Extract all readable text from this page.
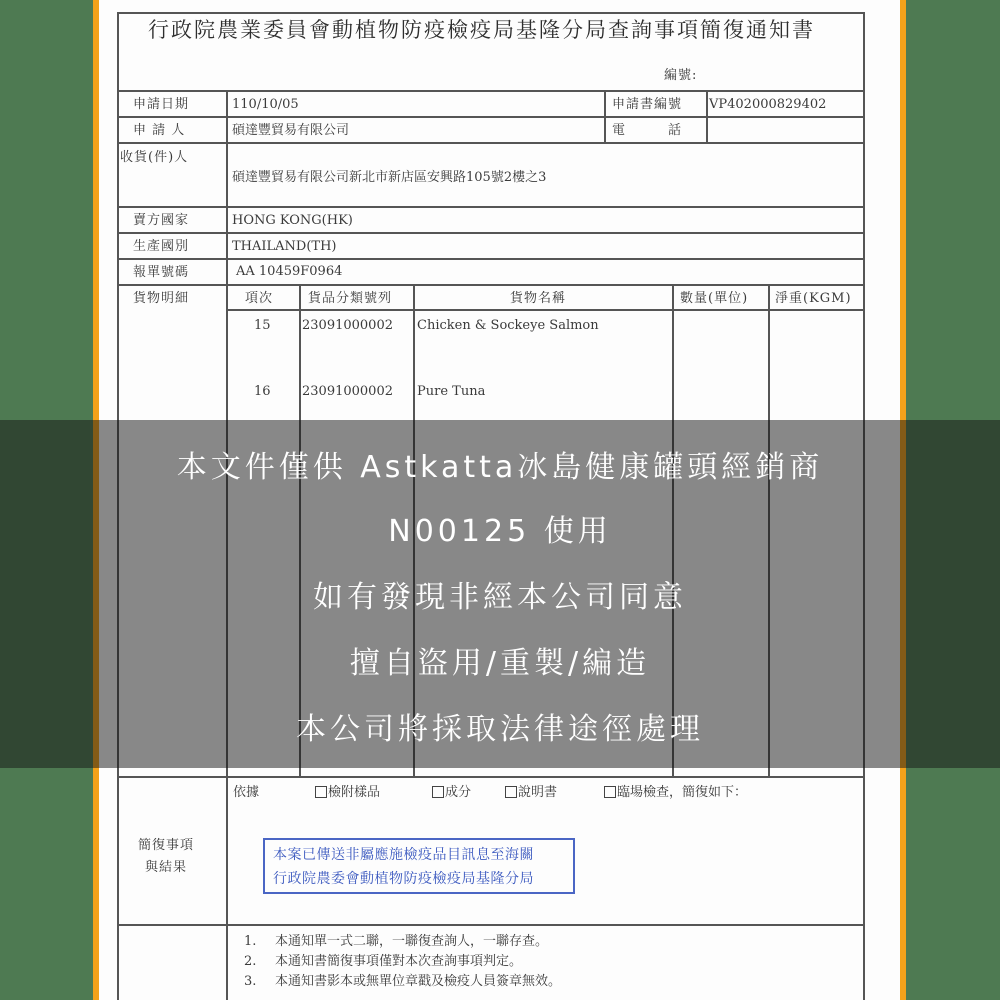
行政院農業委員會動植物防疫檢疫局基隆分局查詢事項簡復通知書
編號:
申請日期	110/10/05	申請書編號 VP402000829402
申 請 人	碩達豐貿易有限公司	電　　　話
收貨(件)人
碩達豐貿易有限公司新北市新店區安興路105號2樓之3
賣方國家	HONG KONG(HK)
生產國別	THAILAND(TH)
報單號碼	AA 10459F0964
貨物明細	項次	貨品分類號列	貨物名稱	數量(單位) 淨重(KGM)
15 23091000002 Chicken & Sockeye Salmon
16 23091000002 Pure Tuna
簡復事項
與結果
依據	檢附樣品	成分	說明書	臨場檢查，簡復如下：
本案已傳送非屬應施檢疫品目訊息至海關
行政院農委會動植物防疫檢疫局基隆分局
1. 本通知單一式二聯，一聯復查詢人，一聯存查。
2. 本通知書簡復事項僅對本次查詢事項判定。
3. 本通知書影本或無單位章戳及檢疫人員簽章無效。
本文件僅供 Astkatta冰島健康罐頭經銷商
N00125 使用
如有發現非經本公司同意
擅自盜用/重製/編造
本公司將採取法律途徑處理
